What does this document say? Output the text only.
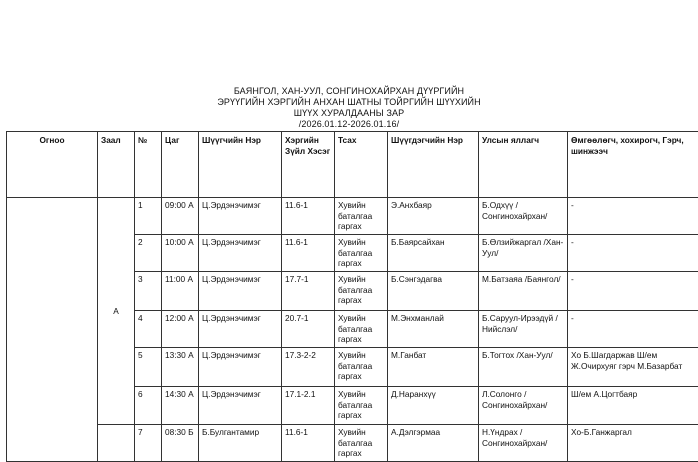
БАЯНГОЛ, ХАН-УУЛ, СОНГИНОХАЙРХАН ДҮҮРГИЙН
ЭРҮҮГИЙН ХЭРГИЙН АНХАН ШАТНЫ ТОЙРГИЙН ШҮҮХИЙН
ШҮҮХ ХУРАЛДААНЫ ЗАР
/2026.01.12-2026.01.16/
Огноо	Заал	№	Цаг	Шүүгчийн Нэр	Хэргийн Зүйл Хэсэг	Тсах	Шүүгдэгчийн Нэр	Улсын яллагч	Өмгөөлөгч, хохирогч, Гэрч, шинжээч
	А	1	09:00 А	Ц.Эрдэнэчимэг	11.6-1	Хувийн баталгаа гаргах	Э.Анхбаяр	Б.Одхүү /Сонгинохайрхан/	-
		2	10:00 А	Ц.Эрдэнэчимэг	11.6-1	Хувийн баталгаа гаргах	Б.Баярсайхан	Б.Өлзийжаргал /Хан-Уул/	-
		3	11:00 А	Ц.Эрдэнэчимэг	17.7-1	Хувийн баталгаа гаргах	Б.Сэнгэдагва	М.Батзаяа /Баянгол/	-
		4	12:00 А	Ц.Эрдэнэчимэг	20.7-1	Хувийн баталгаа гаргах	М.Энхманлай	Б.Саруул-Ирээдүй /Нийслэл/	-
		5	13:30 А	Ц.Эрдэнэчимэг	17.3-2-2	Хувийн баталгаа гаргах	М.Ганбат	Б.Тогтох /Хан-Уул/	Хо Б.Шагдаржав Ш/ем Ж.Очирхуяг гэрч М.Базарбат
		6	14:30 А	Ц.Эрдэнэчимэг	17.1-2.1	Хувийн баталгаа гаргах	Д.Наранхүү	Л.Солонго /Сонгинохайрхан/	Ш/ем А.Цогтбаяр
		7	08:30 Б	Б.Булгантамир	11.6-1	Хувийн баталгаа гаргах	А.Дэлгэрмаа	Н.Үндрах /Сонгинохайрхан/	Хо-Б.Ганжаргал
